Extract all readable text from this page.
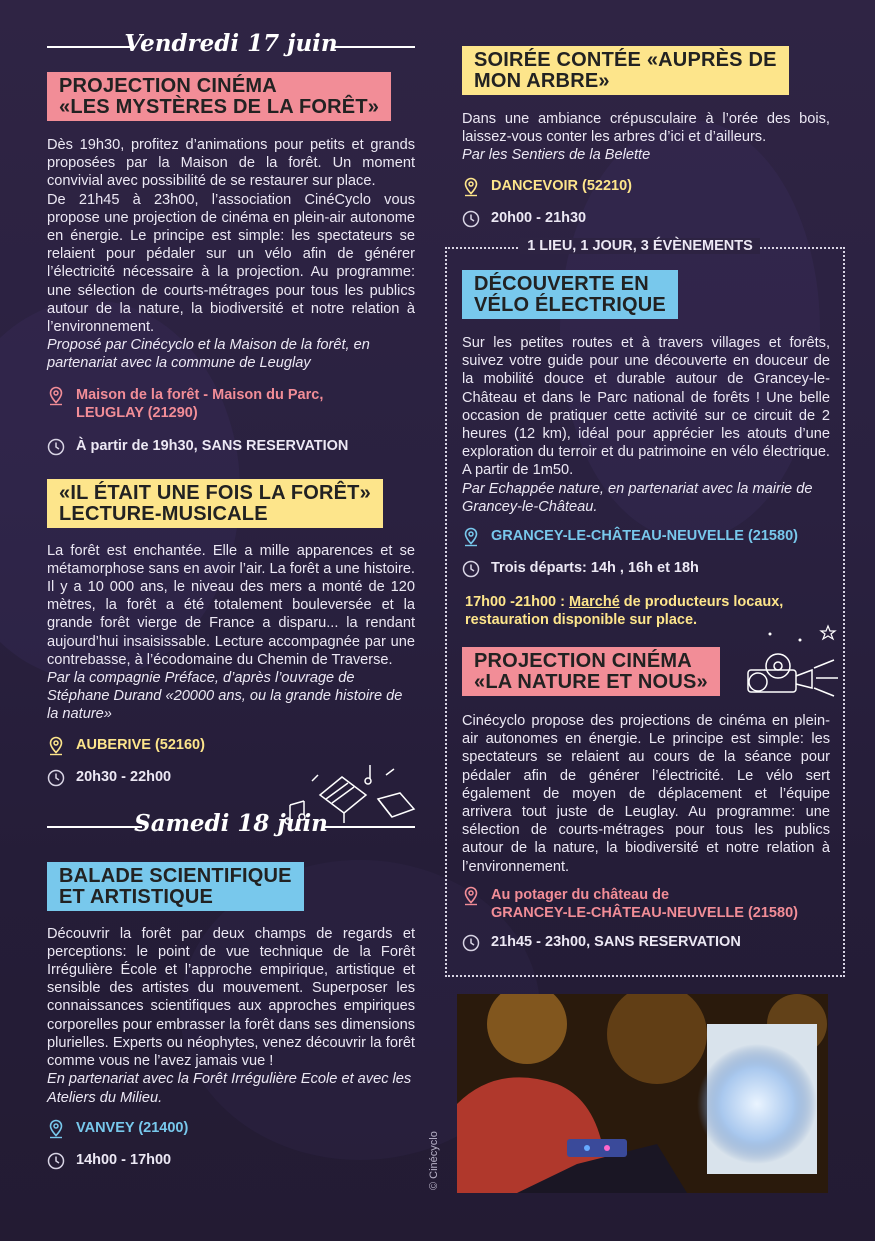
Vendredi 17 juin
PROJECTION CINÉMA
«LES MYSTÈRES DE LA FORÊT»
Dès 19h30, profitez d’animations pour petits et grands proposées par la Maison de la forêt. Un moment convivial avec possibilité de se restaurer sur place.
De 21h45 à 23h00, l’association CinéCyclo vous propose une projection de cinéma en plein-air autonome en énergie. Le principe est simple: les spectateurs se relaient pour pédaler sur un vélo afin de générer l’électricité nécessaire à la projection. Au programme: une sélection de courts-métrages pour tous les publics autour de la nature, la biodiversité et notre relation à l’environnement.
Proposé par Cinécyclo et la Maison de la forêt, en partenariat avec la commune de Leuglay
Maison de la forêt - Maison du Parc,
LEUGLAY (21290)
À partir de 19h30, SANS RESERVATION
«IL ÉTAIT UNE FOIS LA FORÊT»
LECTURE-MUSICALE
La forêt est enchantée. Elle a mille apparences et se métamorphose sans en avoir l’air. La forêt a une histoire. Il y a 10 000 ans, le niveau des mers a monté de 120 mètres, la forêt a été totalement bouleversée et la grande forêt vierge de France a disparu... la rendant aujourd’hui insaisissable. Lecture accompagnée par une contrebasse, à l’écodomaine du Chemin de Traverse.
Par la compagnie Préface, d’après l’ouvrage de Stéphane Durand «20000 ans, ou la grande histoire de la nature»
AUBERIVE (52160)
20h30 - 22h00
Samedi 18 juin
BALADE SCIENTIFIQUE
ET ARTISTIQUE
Découvrir la forêt par deux champs de regards et perceptions: le point de vue technique de la Forêt Irrégulière École et l’approche empirique, artistique et sensible des artistes du mouvement. Superposer les connaissances scientifiques aux approches empiriques corporelles pour embrasser la forêt dans ses dimensions plurielles. Experts ou néophytes, venez découvrir la forêt comme vous ne l’avez jamais vue !
En partenariat avec la Forêt Irrégulière Ecole et avec les Ateliers du Milieu.
VANVEY (21400)
14h00 - 17h00
SOIRÉE CONTÉE «AUPRÈS DE
MON ARBRE»
Dans une ambiance crépusculaire à l’orée des bois, laissez-vous conter les arbres d’ici et d’ailleurs.
Par les Sentiers de la Belette
DANCEVOIR (52210)
20h00 - 21h30
1 LIEU, 1 JOUR, 3 ÉVÈNEMENTS
DÉCOUVERTE EN
VÉLO ÉLECTRIQUE
Sur les petites routes et à travers villages et forêts, suivez votre guide pour une découverte en douceur de la mobilité douce et durable autour de Grancey-le-Château et dans le Parc national de forêts ! Une belle occasion de pratiquer cette activité sur ce circuit de 2 heures (12 km), idéal pour apprécier les atouts d’une exploration du terroir et du patrimoine en vélo électrique. A partir de 1m50.
Par Echappée nature, en partenariat avec la mairie de Grancey-le-Château.
GRANCEY-LE-CHÂTEAU-NEUVELLE (21580)
Trois départs: 14h , 16h et 18h
17h00 -21h00 : Marché de producteurs locaux,
restauration disponible sur place.
PROJECTION CINÉMA
«LA NATURE ET NOUS»
Cinécyclo propose des projections de cinéma en plein-air autonomes en énergie. Le principe est simple: les spectateurs se relaient au cours de la séance pour pédaler afin de générer l’électricité. Le vélo sert également de moyen de déplacement et l’équipe arrivera tout juste de Leuglay. Au programme: une sélection de courts-métrages pour tous les publics autour de la nature, la biodiversité et notre relation à l’environnement.
Au potager du château de
GRANCEY-LE-CHÂTEAU-NEUVELLE (21580)
21h45 - 23h00, SANS RESERVATION
© Cinécyclo
